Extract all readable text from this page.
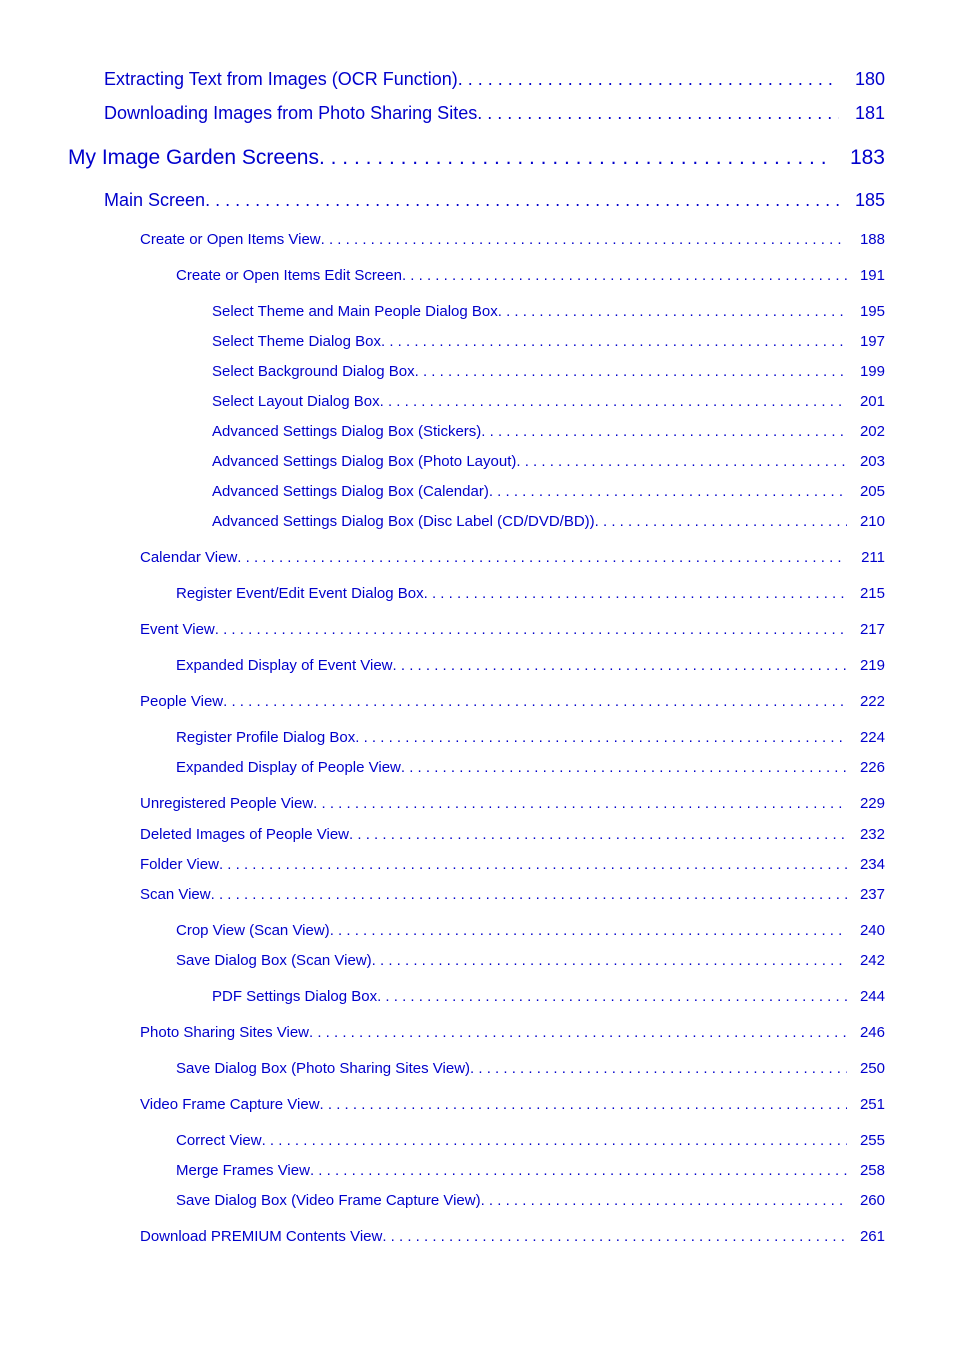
Extracting Text from Images (OCR Function) . . .	180
Downloading Images from Photo Sharing Sites . . .	181
My Image Garden Screens . . .	183
Main Screen . . .	185
Create or Open Items View . . .	188
Create or Open Items Edit Screen . . .	191
Select Theme and Main People Dialog Box . . .	195
Select Theme Dialog Box . . .	197
Select Background Dialog Box . . .	199
Select Layout Dialog Box . . .	201
Advanced Settings Dialog Box (Stickers) . . .	202
Advanced Settings Dialog Box (Photo Layout) . . .	203
Advanced Settings Dialog Box (Calendar) . . .	205
Advanced Settings Dialog Box (Disc Label (CD/DVD/BD)) . . .	210
Calendar View . . .	211
Register Event/Edit Event Dialog Box . . .	215
Event View . . .	217
Expanded Display of Event View . . .	219
People View . . .	222
Register Profile Dialog Box . . .	224
Expanded Display of People View . . .	226
Unregistered People View . . .	229
Deleted Images of People View . . .	232
Folder View . . .	234
Scan View . . .	237
Crop View (Scan View) . . .	240
Save Dialog Box (Scan View) . . .	242
PDF Settings Dialog Box . . .	244
Photo Sharing Sites View . . .	246
Save Dialog Box (Photo Sharing Sites View) . . .	250
Video Frame Capture View . . .	251
Correct View . . .	255
Merge Frames View . . .	258
Save Dialog Box (Video Frame Capture View) . . .	260
Download PREMIUM Contents View . . .	261
